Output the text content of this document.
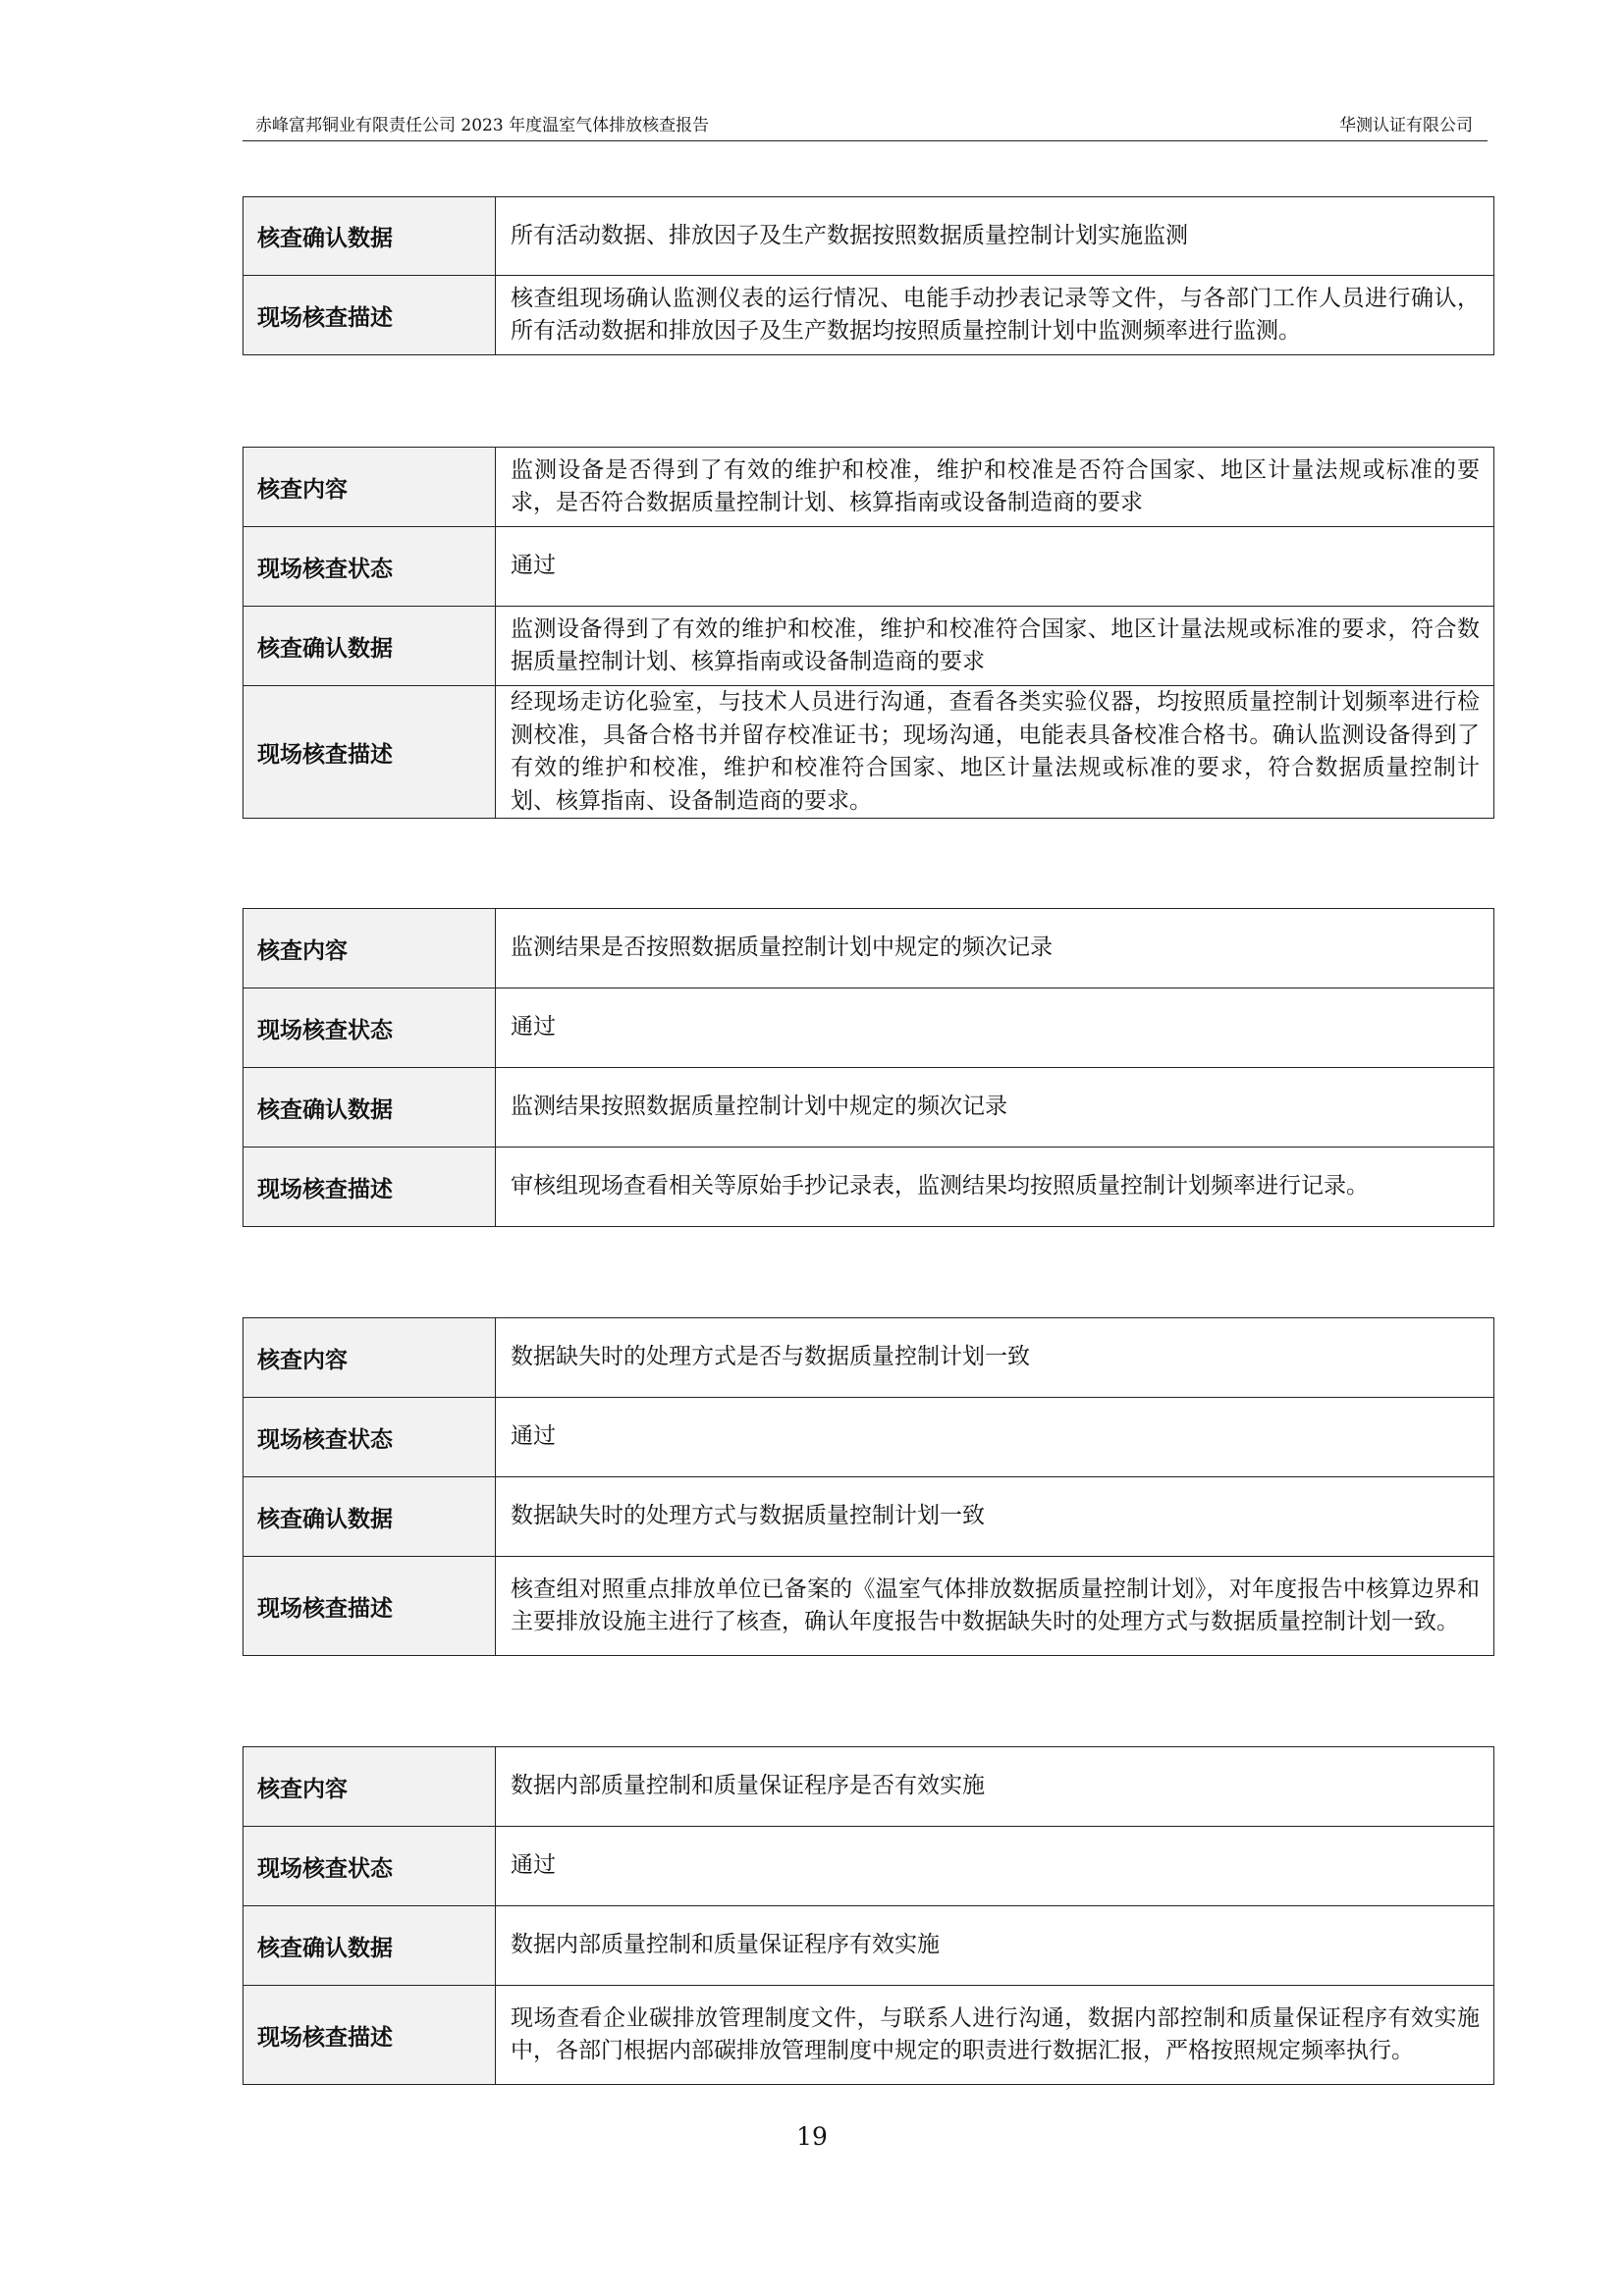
赤峰富邦铜业有限责任公司 2023 年度温室气体排放核查报告	华测认证有限公司
核查确认数据	所有活动数据、排放因子及生产数据按照数据质量控制计划实施监测
现场核查描述	核查组现场确认监测仪表的运行情况、电能手动抄表记录等文件，与各部门工作人员进行确认，所有活动数据和排放因子及生产数据均按照质量控制计划中监测频率进行监测。
核查内容	监测设备是否得到了有效的维护和校准，维护和校准是否符合国家、地区计量法规或标准的要求，是否符合数据质量控制计划、核算指南或设备制造商的要求
现场核查状态	通过
核查确认数据	监测设备得到了有效的维护和校准，维护和校准符合国家、地区计量法规或标准的要求，符合数据质量控制计划、核算指南或设备制造商的要求
现场核查描述	经现场走访化验室，与技术人员进行沟通，查看各类实验仪器，均按照质量控制计划频率进行检测校准，具备合格书并留存校准证书；现场沟通，电能表具备校准合格书。确认监测设备得到了有效的维护和校准，维护和校准符合国家、地区计量法规或标准的要求，符合数据质量控制计划、核算指南、设备制造商的要求。
核查内容	监测结果是否按照数据质量控制计划中规定的频次记录
现场核查状态	通过
核查确认数据	监测结果按照数据质量控制计划中规定的频次记录
现场核查描述	审核组现场查看相关等原始手抄记录表，监测结果均按照质量控制计划频率进行记录。
核查内容	数据缺失时的处理方式是否与数据质量控制计划一致
现场核查状态	通过
核查确认数据	数据缺失时的处理方式与数据质量控制计划一致
现场核查描述	核查组对照重点排放单位已备案的《温室气体排放数据质量控制计划》，对年度报告中核算边界和主要排放设施主进行了核查，确认年度报告中数据缺失时的处理方式与数据质量控制计划一致。
核查内容	数据内部质量控制和质量保证程序是否有效实施
现场核查状态	通过
核查确认数据	数据内部质量控制和质量保证程序有效实施
现场核查描述	现场查看企业碳排放管理制度文件，与联系人进行沟通，数据内部控制和质量保证程序有效实施中，各部门根据内部碳排放管理制度中规定的职责进行数据汇报，严格按照规定频率执行。
19
